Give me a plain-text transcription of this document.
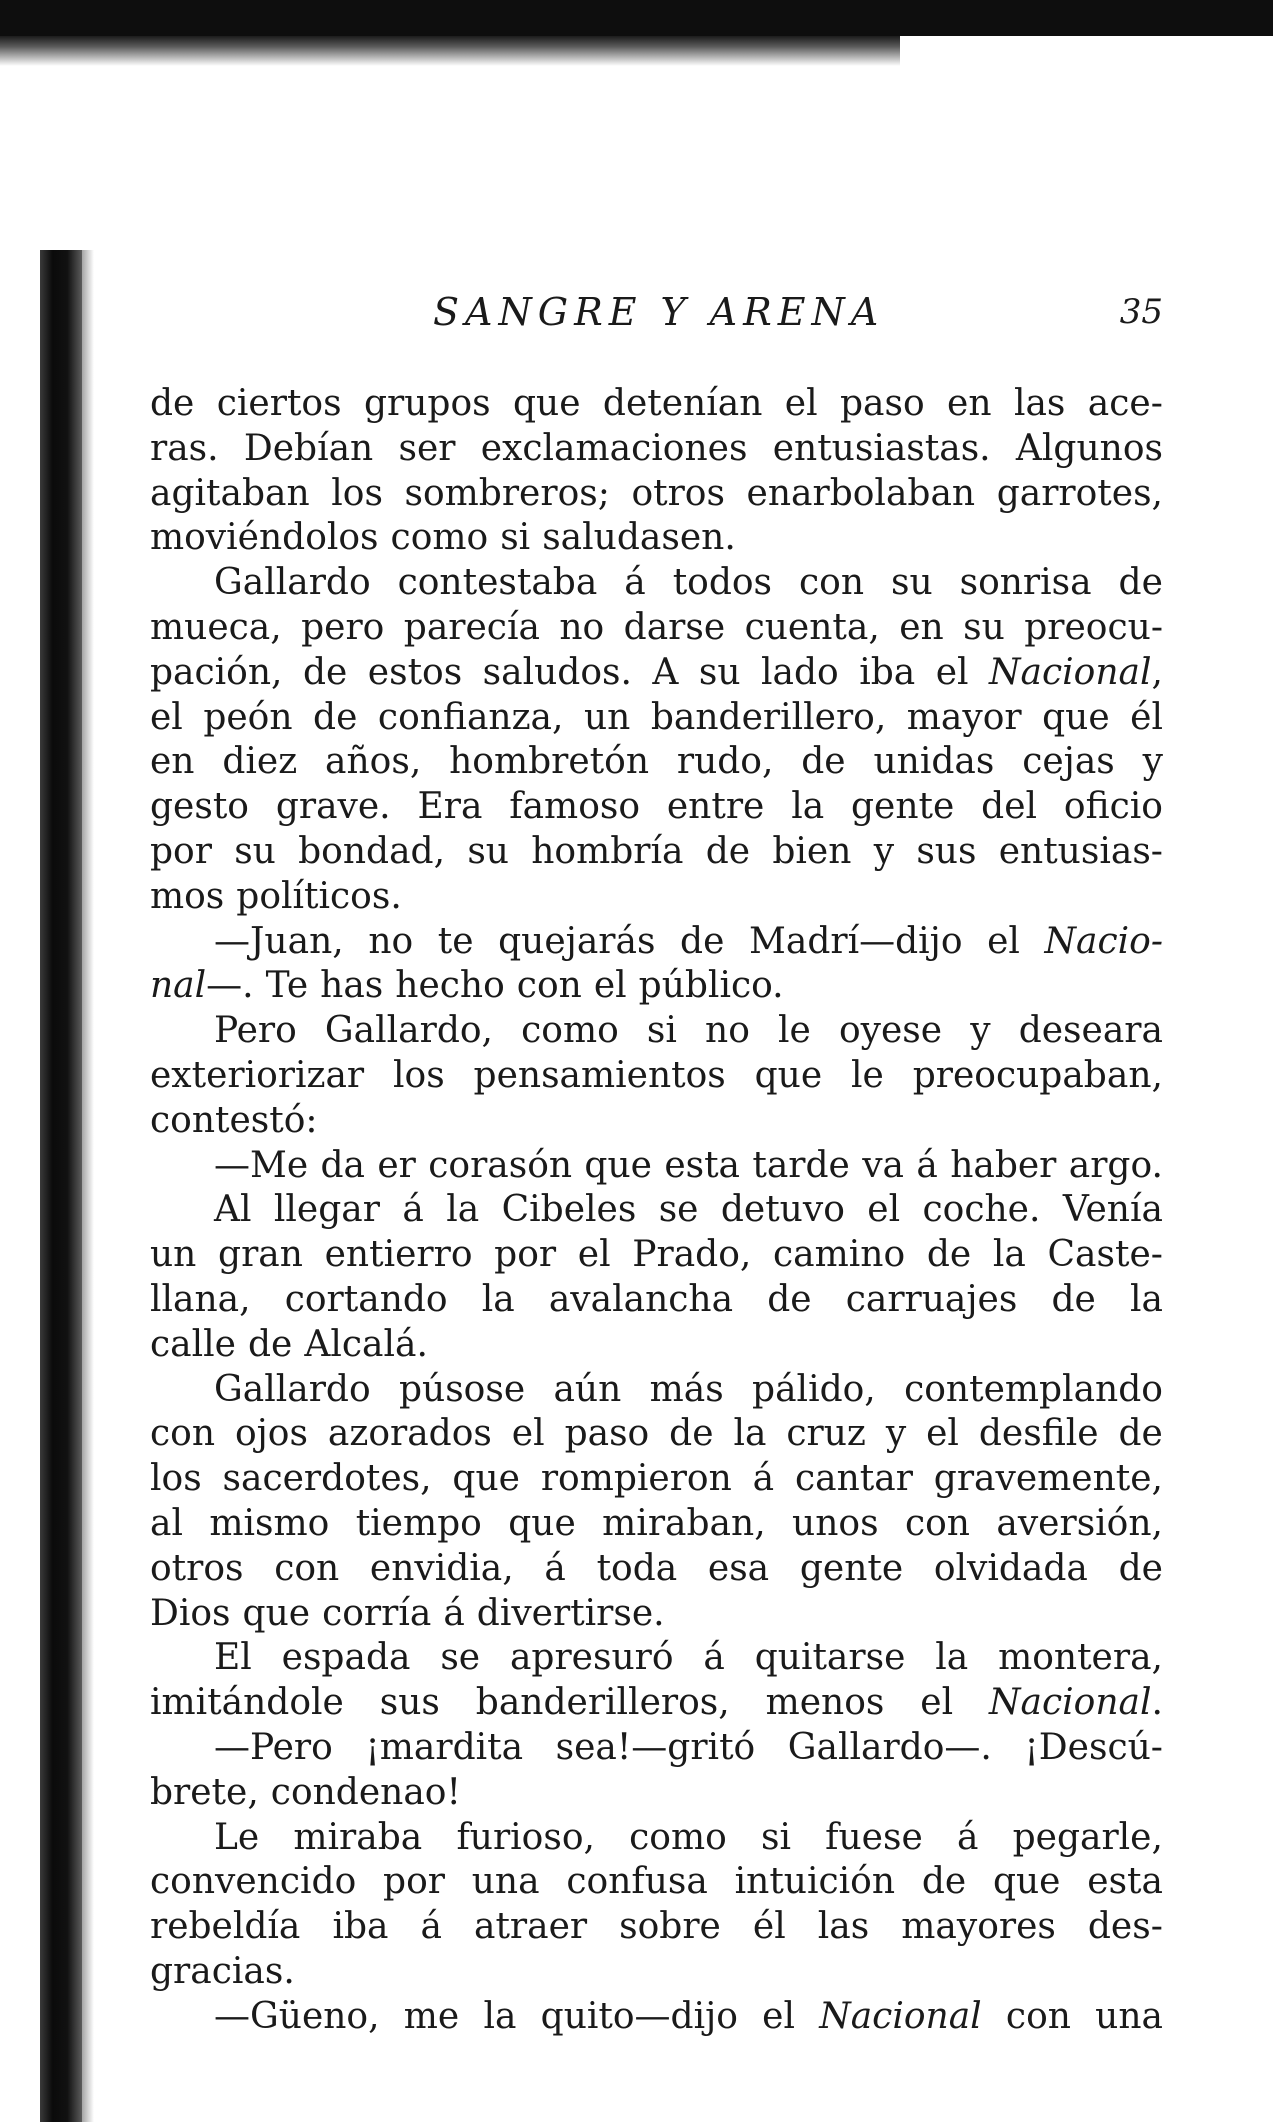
SANGRE Y ARENA	35
de ciertos grupos que detenían el paso en las ace-
ras. Debían ser exclamaciones entusiastas. Algunos
agitaban los sombreros; otros enarbolaban garrotes,
moviéndolos como si saludasen.
Gallardo contestaba á todos con su sonrisa de
mueca, pero parecía no darse cuenta, en su preocu-
pación, de estos saludos. A su lado iba el Nacional,
el peón de confianza, un banderillero, mayor que él
en diez años, hombretón rudo, de unidas cejas y
gesto grave. Era famoso entre la gente del oficio
por su bondad, su hombría de bien y sus entusias-
mos políticos.
—Juan, no te quejarás de Madrí—dijo el Nacio-
nal—. Te has hecho con el público.
Pero Gallardo, como si no le oyese y deseara
exteriorizar los pensamientos que le preocupaban,
contestó:
—Me da er corasón que esta tarde va á haber argo.
Al llegar á la Cibeles se detuvo el coche. Venía
un gran entierro por el Prado, camino de la Caste-
llana, cortando la avalancha de carruajes de la
calle de Alcalá.
Gallardo púsose aún más pálido, contemplando
con ojos azorados el paso de la cruz y el desfile de
los sacerdotes, que rompieron á cantar gravemente,
al mismo tiempo que miraban, unos con aversión,
otros con envidia, á toda esa gente olvidada de
Dios que corría á divertirse.
El espada se apresuró á quitarse la montera,
imitándole sus banderilleros, menos el Nacional.
—Pero ¡mardita sea!—gritó Gallardo—. ¡Descú-
brete, condenao!
Le miraba furioso, como si fuese á pegarle,
convencido por una confusa intuición de que esta
rebeldía iba á atraer sobre él las mayores des-
gracias.
—Güeno, me la quito—dijo el Nacional con una
